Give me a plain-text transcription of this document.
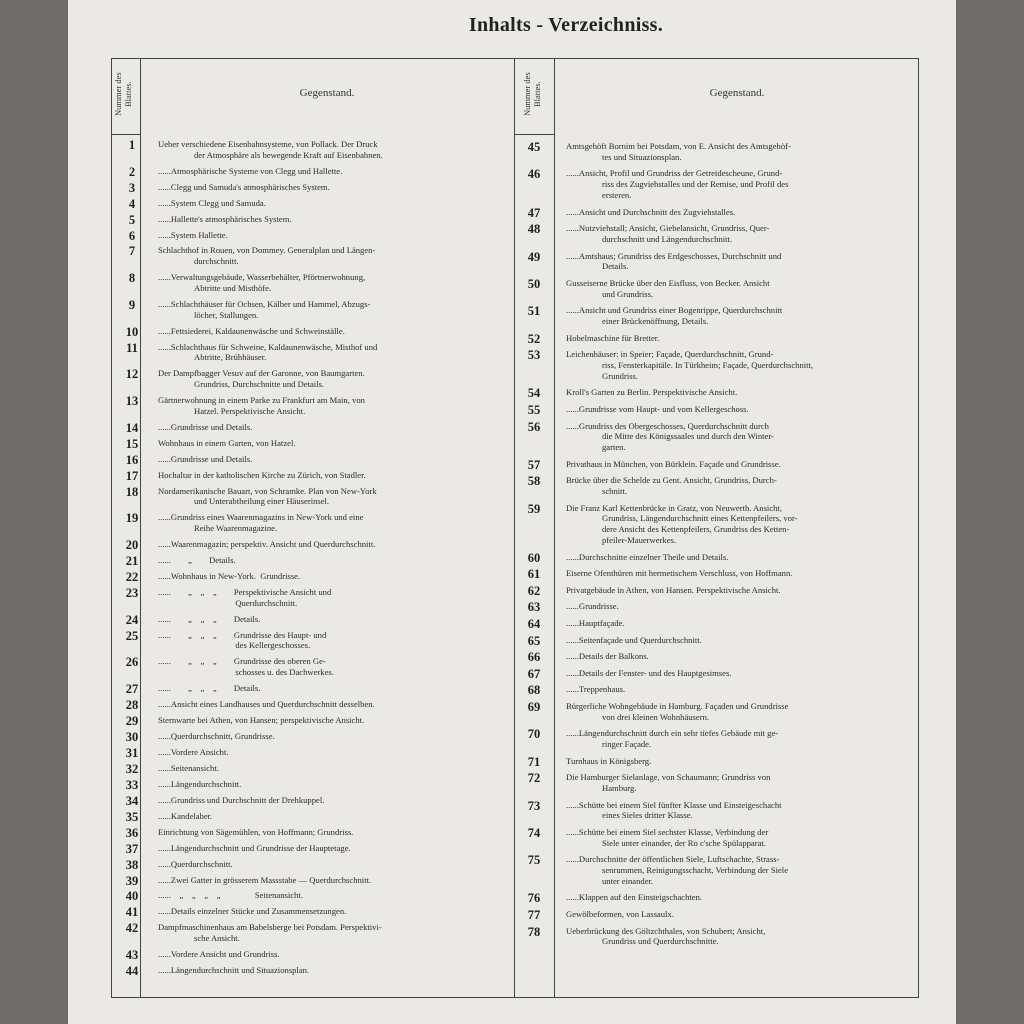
Inhalts - Verzeichniss.
Nummer des Blattes.	Gegenstand.	Nummer des Blattes.	Gegenstand.
1	Ueber verschiedene Eisenbahnsysteme, von Pollack. Der Druck
der Atmosphäre als bewegende Kraft auf Eisenbahnen.
2	......Atmosphärische Systeme von Clegg und Hallette.
3	......Clegg und Samuda's atmosphärisches System.
4	......System Clegg und Samuda.
5	......Hallette's atmosphärisches System.
6	......System Hallette.
7	Schlachthof in Rouen, von Dommey. Generalplan und Längen-
durchschnitt.
8	......Verwaltungsgebäude, Wasserbehälter, Pförtnerwohnung,
Abtritte und Misthöfe.
9	......Schlachthäuser für Ochsen, Kälber und Hammel, Abzugs-
löcher, Stallungen.
10	......Fettsiederei, Kaldaunenwäsche und Schweinställe.
11	......Schlachthaus für Schweine, Kaldaunenwäsche, Misthof und
Abtritte, Brühhäuser.
12	Der Dampfbagger Vesuv auf der Garonne, von Baumgarten.
Grundriss, Durchschnitte und Details.
13	Gärtnerwohnung in einem Parke zu Frankfurt am Main, von
Hatzel. Perspektivische Ansicht.
14	......Grundrisse und Details.
15	Wohnhaus in einem Garten, von Hatzel.
16	......Grundrisse und Details.
17	Hochaltar in der katholischen Kirche zu Zürich, von Stadler.
18	Nordamerikanische Bauart, von Schramke. Plan von New-York
und Unterabtheilung einer Häuserinsel.
19	......Grundriss eines Waarenmagazins in New-York und eine
Reihe Waarenmagazine.
20	......Waarenmagazin; perspektiv. Ansicht und Querdurchschnitt.
21	......        „        Details.
22	......Wohnhaus in New-York.  Grundrisse.
23	......        „    „    „        Perspektivische Ansicht und
Querdurchschnitt.
24	......        „    „    „        Details.
25	......        „    „    „        Grundrisse des Haupt- und
des Kellergeschosses.
26	......        „    „    „        Grundrisse des oberen Ge-
schosses u. des Dachwerkes.
27	......        „    „    „        Details.
28	......Ansicht eines Landhauses und Querdurchschnitt desselben.
29	Sternwarte bei Athen, von Hansen; perspektivische Ansicht.
30	......Querdurchschnitt, Grundrisse.
31	......Vordere Ansicht.
32	......Seitenansicht.
33	......Längendurchschnitt.
34	......Grundriss und Durchschnitt der Drehkuppel.
35	......Kandelaber.
36	Einrichtung von Sägemühlen, von Hoffmann; Grundriss.
37	......Längendurchschnitt und Grundrisse der Hauptetage.
38	......Querdurchschnitt.
39	......Zwei Gatter in grösserem Massstabe — Querdurchschnitt.
40	......    „    „    „    „                Seitenansicht.
41	......Details einzelner Stücke und Zusammensetzungen.
42	Dampfmaschinenhaus am Babelsberge bei Potsdam. Perspektivi-
sche Ansicht.
43	......Vordere Ansicht und Grundriss.
44	......Längendurchschnitt und Situazionsplan.
45	Amtsgehöft Bornim bei Potsdam, von E. Ansicht des Amtsgehöf-
tes und Situazionsplan.
46	......Ansicht, Profil und Grundriss der Getreidescheune, Grund-
riss des Zugviehstalles und der Remise, und Profil des
ersteren.
47	......Ansicht und Durchschnitt des Zugviehstalles.
48	......Nutzviehstall; Ansicht, Giebelansicht, Grundriss, Quer-
durchschnitt und Längendurchschnitt.
49	......Amtshaus; Grundriss des Erdgeschosses, Durchschnitt und
Details.
50	Gusseiserne Brücke über den Eisfluss, von Becker. Ansicht
und Grundriss.
51	......Ansicht und Grundriss einer Bogenrippe, Querdurchschnitt
einer Brückenöffnung, Details.
52	Hobelmaschine für Bretter.
53	Leichenhäuser: in Speier; Façade, Querdurchschnitt, Grund-
riss, Fensterkapitäle. In Türkheim; Façade, Querdurchschnitt,
Grundriss.
54	Kroll's Garten zu Berlin. Perspektivische Ansicht.
55	......Grundrisse vom Haupt- und vom Kellergeschoss.
56	......Grundriss des Obergeschosses, Querdurchschnitt durch
die Mitte des Königssaales und durch den Winter-
garten.
57	Privathaus in München, von Bürklein. Façade und Grundrisse.
58	Brücke über die Schelde zu Gent. Ansicht, Grundriss, Durch-
schnitt.
59	Die Franz Karl Kettenbrücke in Gratz, von Neuwerth. Ansicht,
Grundriss, Längendurchschnitt eines Kettenpfeilers, vor-
dere Ansicht des Kettenpfeilers, Grundriss des Ketten-
pfeiler-Mauerwerkes.
60	......Durchschnitte einzelner Theile und Details.
61	Eiserne Ofenthüren mit hermetischem Verschluss, von Hoffmann.
62	Privatgebäude in Athen, von Hansen. Perspektivische Ansicht.
63	......Grundrisse.
64	......Hauptfaçade.
65	......Seitenfaçade und Querdurchschnitt.
66	......Details der Balkons.
67	......Details der Fenster- und des Hauptgesimses.
68	......Treppenhaus.
69	Bürgerliche Wohngebäude in Hamburg. Façaden und Grundrisse
von drei kleinen Wohnhäusern.
70	......Längendurchschnitt durch ein sehr tiefes Gebäude mit ge-
ringer Façade.
71	Turnhaus in Königsberg.
72	Die Hamburger Sielanlage, von Schaumann; Grundriss von
Hamburg.
73	......Schütte bei einem Siel fünfter Klasse und Einsteigeschacht
eines Sieles dritter Klasse.
74	......Schütte bei einem Siel sechster Klasse, Verbindung der
Siele unter einander, der Ro c'sche Spülapparat.
75	......Durchschnitte der öffentlichen Siele, Luftschachte, Strass-
senrummen, Reinigungsschacht, Verbindung der Siele
unter einander.
76	......Klappen auf den Einsteigschachten.
77	Gewölbeformen, von Lassaulx.
78	Ueberbrückung des Göltzchthales, von Schubert; Ansicht,
Grundriss und Querdurchschnitte.
